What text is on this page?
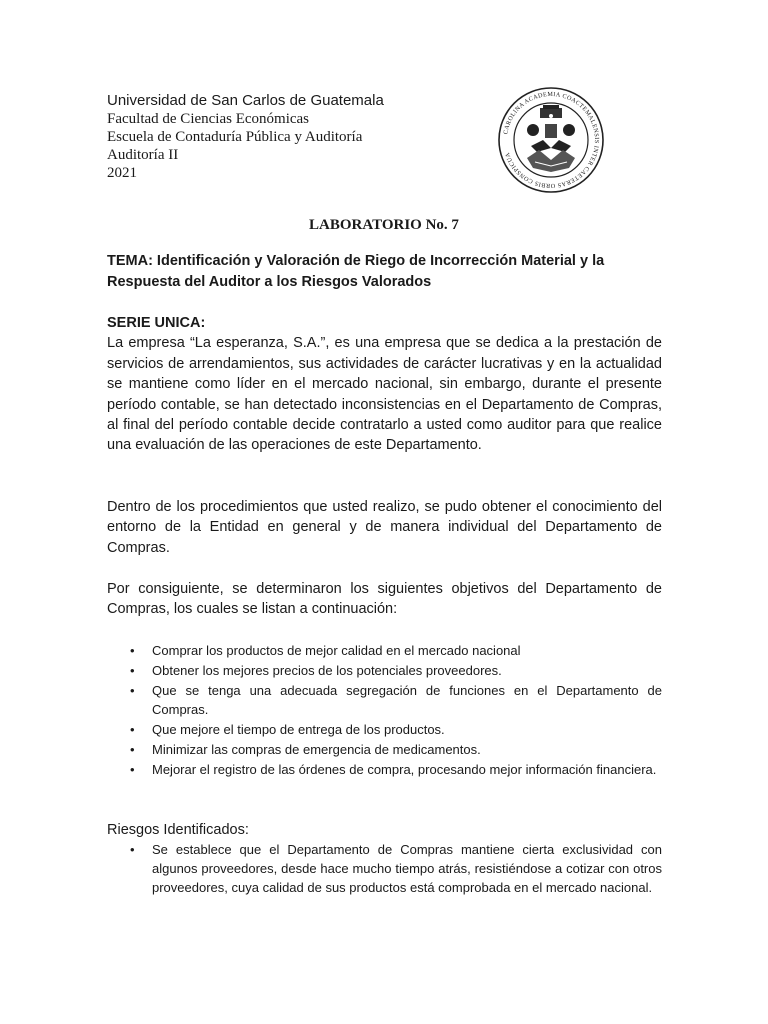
Universidad de San Carlos de Guatemala
Facultad de Ciencias Económicas
Escuela de Contaduría Pública y Auditoría
Auditoría II
2021
CAROLINA ACADEMIA COACTEMALENSIS INTER CAETERAS ORBIS CONSPICUA
LABORATORIO No. 7
TEMA: Identificación y Valoración de Riego de Incorrección Material y la Respuesta del Auditor a los Riesgos Valorados
SERIE UNICA:
La empresa “La esperanza, S.A.”, es una empresa que se dedica a la prestación de servicios de arrendamientos, sus actividades de carácter lucrativas y en la actualidad se mantiene como líder en el mercado nacional, sin embargo, durante el presente período contable, se han detectado inconsistencias en el Departamento de Compras, al final del período contable decide contratarlo a usted como auditor para que realice una evaluación de las operaciones de este Departamento.
Dentro de los procedimientos que usted realizo, se pudo obtener el conocimiento del entorno de la Entidad en general y de manera individual del Departamento de Compras.
Por consiguiente, se determinaron los siguientes objetivos del Departamento de Compras, los cuales se listan a continuación:
• Comprar los productos de mejor calidad en el mercado nacional
• Obtener los mejores precios de los potenciales proveedores.
• Que se tenga una adecuada segregación de funciones en el Departamento de Compras.
• Que mejore el tiempo de entrega de los productos.
• Minimizar las compras de emergencia de medicamentos.
• Mejorar el registro de las órdenes de compra, procesando mejor información financiera.
Riesgos Identificados:
• Se establece que el Departamento de Compras mantiene cierta exclusividad con algunos proveedores, desde hace mucho tiempo atrás, resistiéndose a cotizar con otros proveedores, cuya calidad de sus productos está comprobada en el mercado nacional.
